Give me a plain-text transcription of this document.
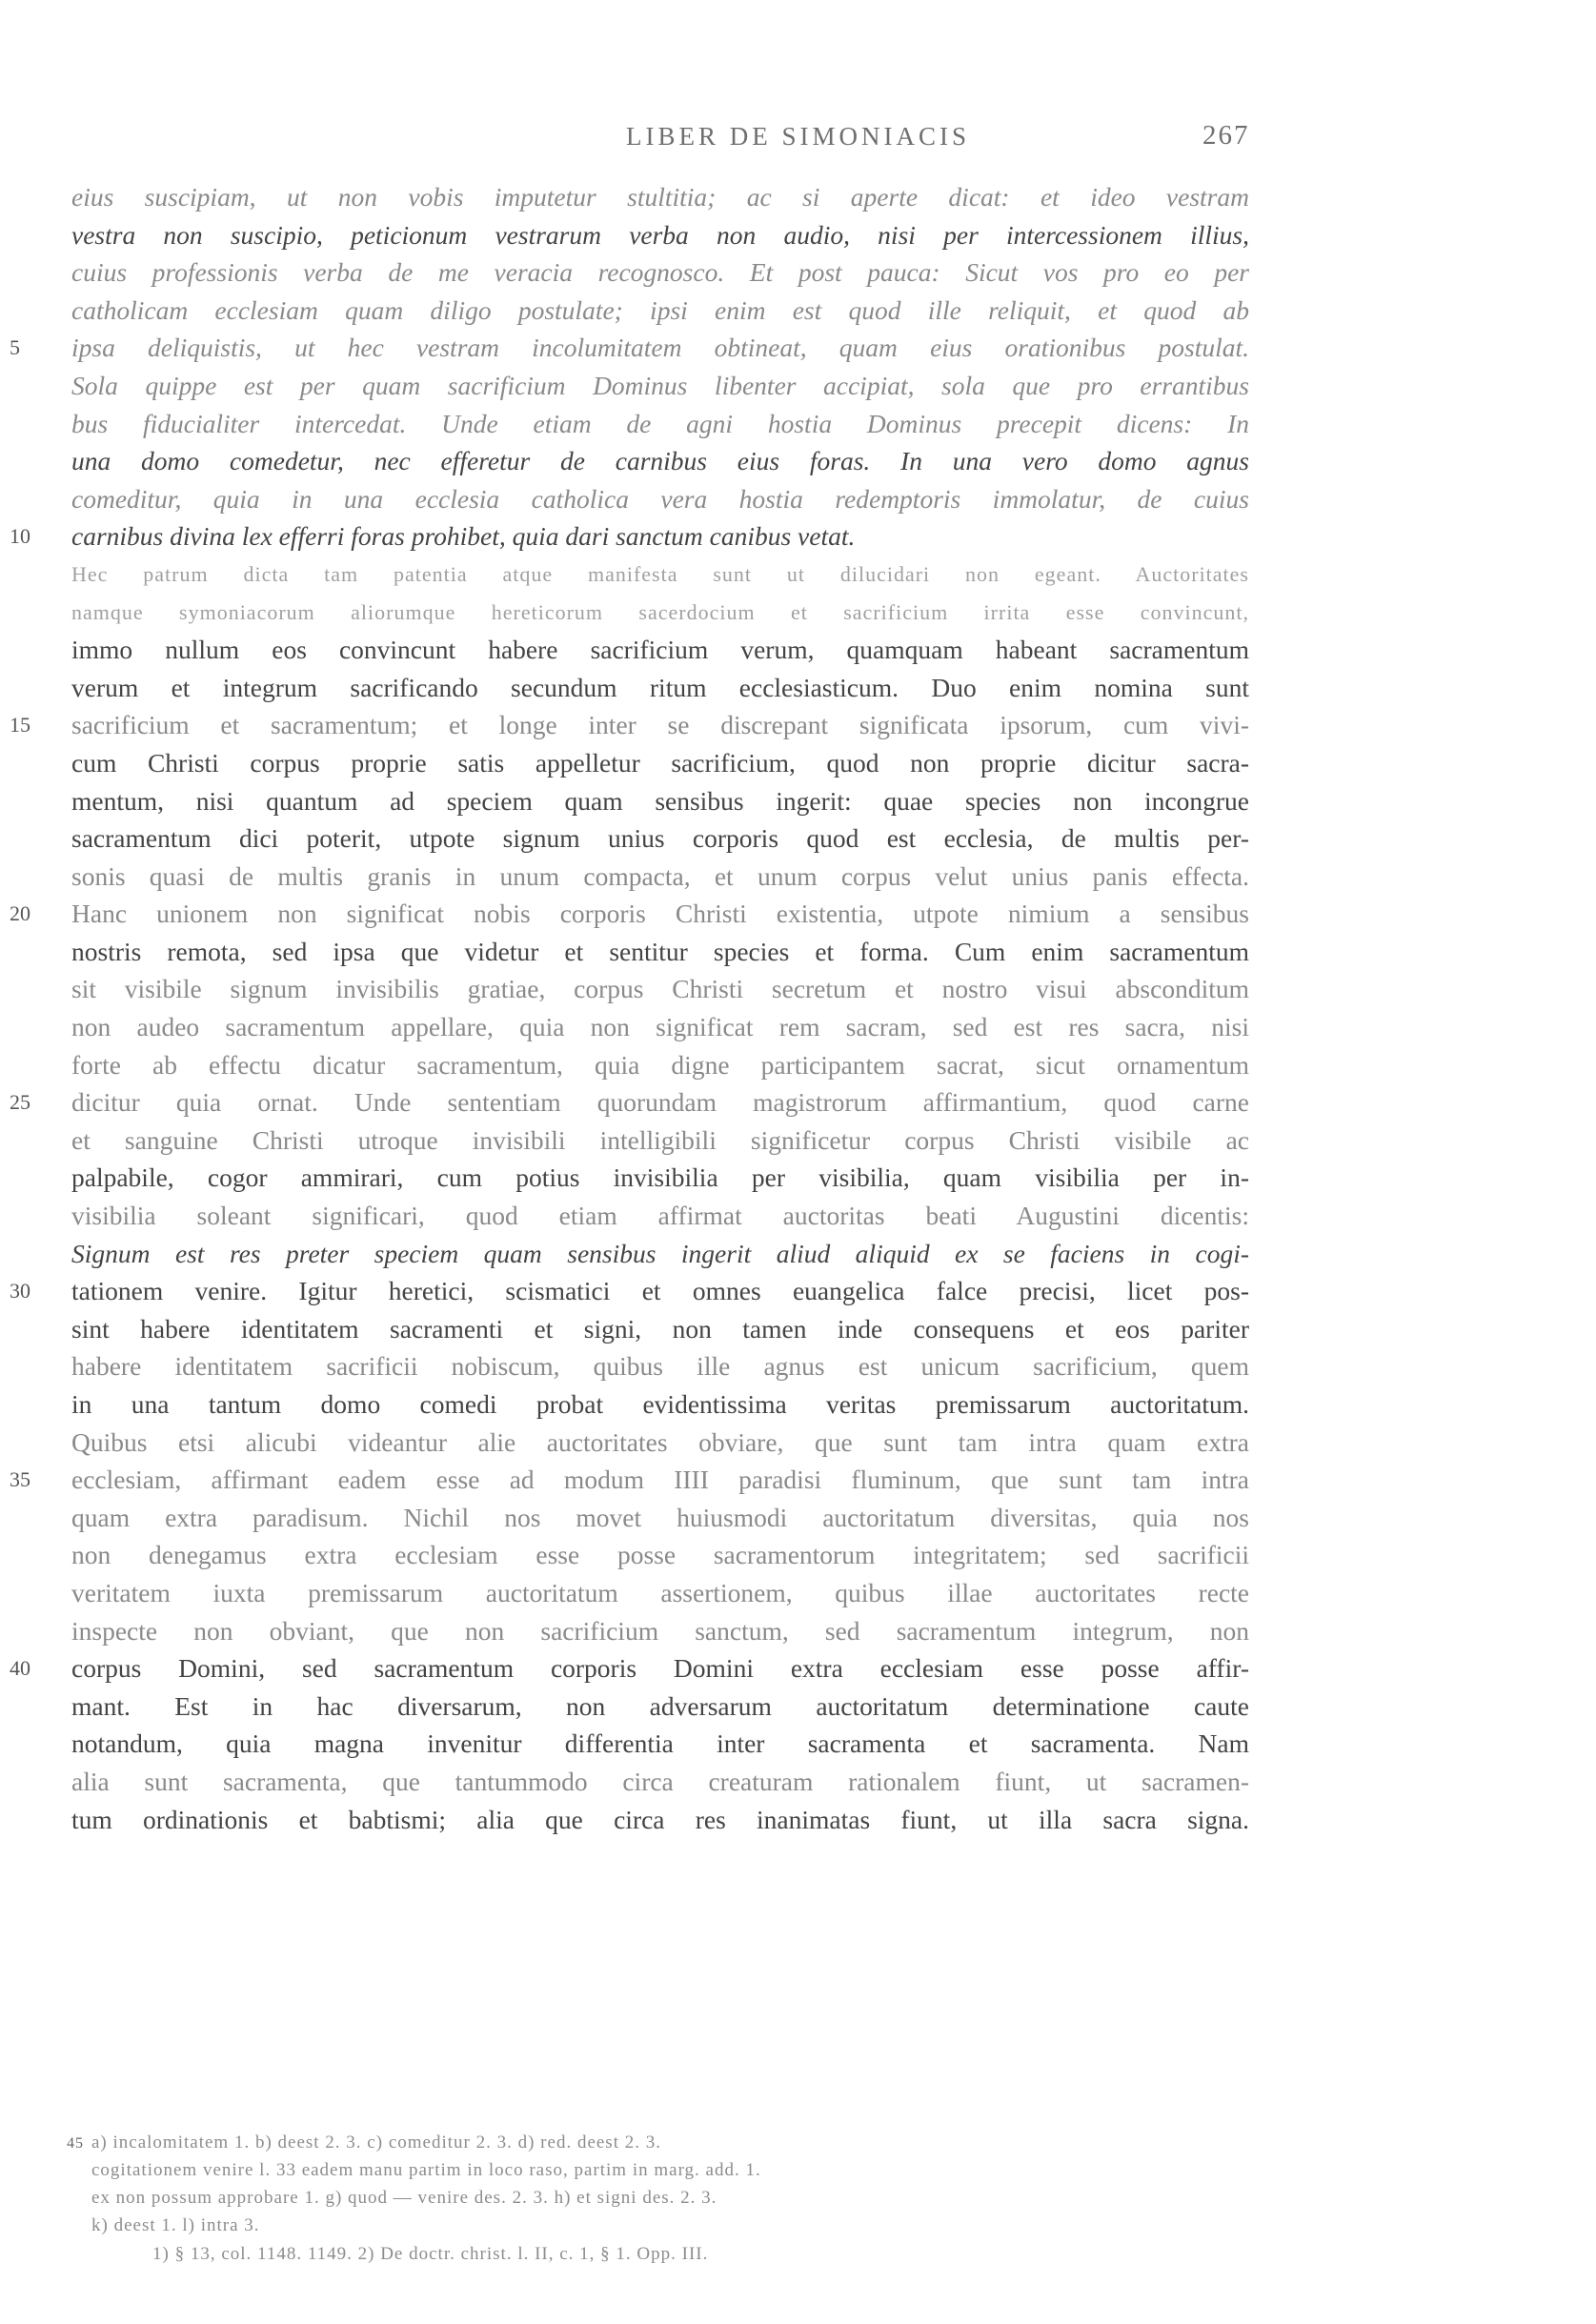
LIBER DE SIMONIACIS	267
eius suscipiam, ut non vobis imputetur stultitia; ac si aperte dicat: et ideo vestram
vestra non suscipio, peticionum vestrarum verba non audio, nisi per intercessionem illius,
cuius professionis verba de me veracia recognosco. Et post pauca: Sicut vos pro eo per
catholicam ecclesiam quam diligo postulate; ipsi enim est quod ille reliquit, et quod ab
ipsa deliquistis, ut hec vestram incolumitatem obtineat, quam eius orationibus postulat.
Sola quippe est per quam sacrificium Dominus libenter accipiat, sola que pro errantibus
bus fiducialiter intercedat. Unde etiam de agni hostia Dominus precepit dicens: In
una domo comedetur, nec efferetur de carnibus eius foras. In una vero domo agnus
comeditur, quia in una ecclesia catholica vera hostia redemptoris immolatur, de cuius
carnibus divina lex efferri foras prohibet, quia dari sanctum canibus vetat.
Hec patrum dicta tam patentia atque manifesta sunt ut dilucidari non egeant. Auctoritates
namque symoniacorum aliorumque hereticorum sacerdocium et sacrificium irrita esse convincunt,
immo nullum eos convincunt habere sacrificium verum, quamquam habeant sacramentum
verum et integrum sacrificando secundum ritum ecclesiasticum. Duo enim nomina sunt
sacrificium et sacramentum; et longe inter se discrepant significata ipsorum, cum vivi-
cum Christi corpus proprie satis appelletur sacrificium, quod non proprie dicitur sacra-
mentum, nisi quantum ad speciem quam sensibus ingerit: quae species non incongrue
sacramentum dici poterit, utpote signum unius corporis quod est ecclesia, de multis per-
sonis quasi de multis granis in unum compacta, et unum corpus velut unius panis effecta.
Hanc unionem non significat nobis corporis Christi existentia, utpote nimium a sensibus
nostris remota, sed ipsa que videtur et sentitur species et forma. Cum enim sacramentum
sit visibile signum invisibilis gratiae, corpus Christi secretum et nostro visui absconditum
non audeo sacramentum appellare, quia non significat rem sacram, sed est res sacra, nisi
forte ab effectu dicatur sacramentum, quia digne participantem sacrat, sicut ornamentum
dicitur quia ornat. Unde sententiam quorundam magistrorum affirmantium, quod carne
et sanguine Christi utroque invisibili intelligibili significetur corpus Christi visibile ac
palpabile, cogor ammirari, cum potius invisibilia per visibilia, quam visibilia per in-
visibilia soleant significari, quod etiam affirmat auctoritas beati Augustini dicentis:
Signum est res preter speciem quam sensibus ingerit aliud aliquid ex se faciens in cogi-
tationem venire. Igitur heretici, scismatici et omnes euangelica falce precisi, licet pos-
sint habere identitatem sacramenti et signi, non tamen inde consequens et eos pariter
habere identitatem sacrificii nobiscum, quibus ille agnus est unicum sacrificium, quem
in una tantum domo comedi probat evidentissima veritas premissarum auctoritatum.
Quibus etsi alicubi videantur alie auctoritates obviare, que sunt tam intra quam extra
ecclesiam, affirmant eadem esse ad modum IIII paradisi fluminum, que sunt tam intra
quam extra paradisum. Nichil nos movet huiusmodi auctoritatum diversitas, quia nos
non denegamus extra ecclesiam esse posse sacramentorum integritatem; sed sacrificii
veritatem iuxta premissarum auctoritatum assertionem, quibus illae auctoritates recte
inspecte non obviant, que non sacrificium sanctum, sed sacramentum integrum, non
corpus Domini, sed sacramentum corporis Domini extra ecclesiam esse posse affir-
mant. Est in hac diversarum, non adversarum auctoritatum determinatione caute
notandum, quia magna invenitur differentia inter sacramenta et sacramenta. Nam
alia sunt sacramenta, que tantummodo circa creaturam rationalem fiunt, ut sacramen-
tum ordinationis et babtismi; alia que circa res inanimatas fiunt, ut illa sacra signa.
45 a) incalomitatem 1. b) deest 2. 3. c) comeditur 2. 3. d) red. deest 2. 3.
cogitationem venire l. 33 eadem manu partim in loco raso, partim in marg. add. 1.
ex non possum approbare 1. g) quod — venire des. 2. 3. h) et signi des. 2. 3.
k) deest 1. l) intra 3.
1) § 13, col. 1148. 1149. 2) De doctr. christ. l. II, c. 1, § 1. Opp. III.
5
10
15
20
25
30
35
40
